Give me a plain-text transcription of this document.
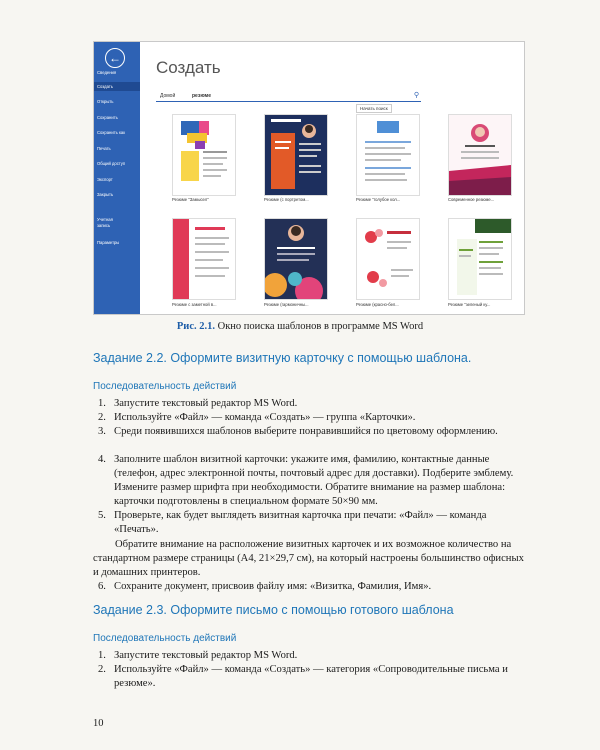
←
Сведения
Создать
Открыть
Сохранить
Сохранить как
Печать
Общий доступ
Экспорт
Закрыть
Учетная запись
Параметры
Создать
Домой	резюме	⚲
Начать поиск
Резюме "Замысел"	Резюме (с портретом...	Резюме "голубое кол...	Современное резюме...
Резюме с заметной в...	Резюме (гармоничны...	Резюме (красно-бел...	Резюме "зеленый ку...
Рис. 2.1. Окно поиска шаблонов в программе MS Word
Задание 2.2. Оформите визитную карточку с помощью шаблона.
Последовательность действий
1. Запустите текстовый редактор MS Word.
2. Используйте «Файл» — команда «Создать» — группа «Карточки».
3. Среди появившихся шаблонов выберите понравившийся по цветовому оформлению.
4. Заполните шаблон визитной карточки: укажите имя, фамилию, контактные данные (телефон, адрес электронной почты, почтовый адрес для доставки). Подберите эмблему. Измените размер шрифта при необходимости. Обратите внимание на размер шаблона: карточки подготовлены в специальном формате 50×90 мм.
5. Проверьте, как будет выглядеть визитная карточка при печати: «Файл» — команда «Печать».
Обратите внимание на расположение визитных карточек и их возможное количество на стандартном размере страницы (А4, 21×29,7 см), на который настроены большинство офисных и домашних принтеров.
6. Сохраните документ, присвоив файлу имя: «Визитка, Фамилия, Имя».
Задание 2.3. Оформите письмо с помощью готового шаблона
Последовательность действий
1. Запустите текстовый редактор MS Word.
2. Используйте «Файл» — команда «Создать» — категория «Сопроводительные письма и резюме».
10
